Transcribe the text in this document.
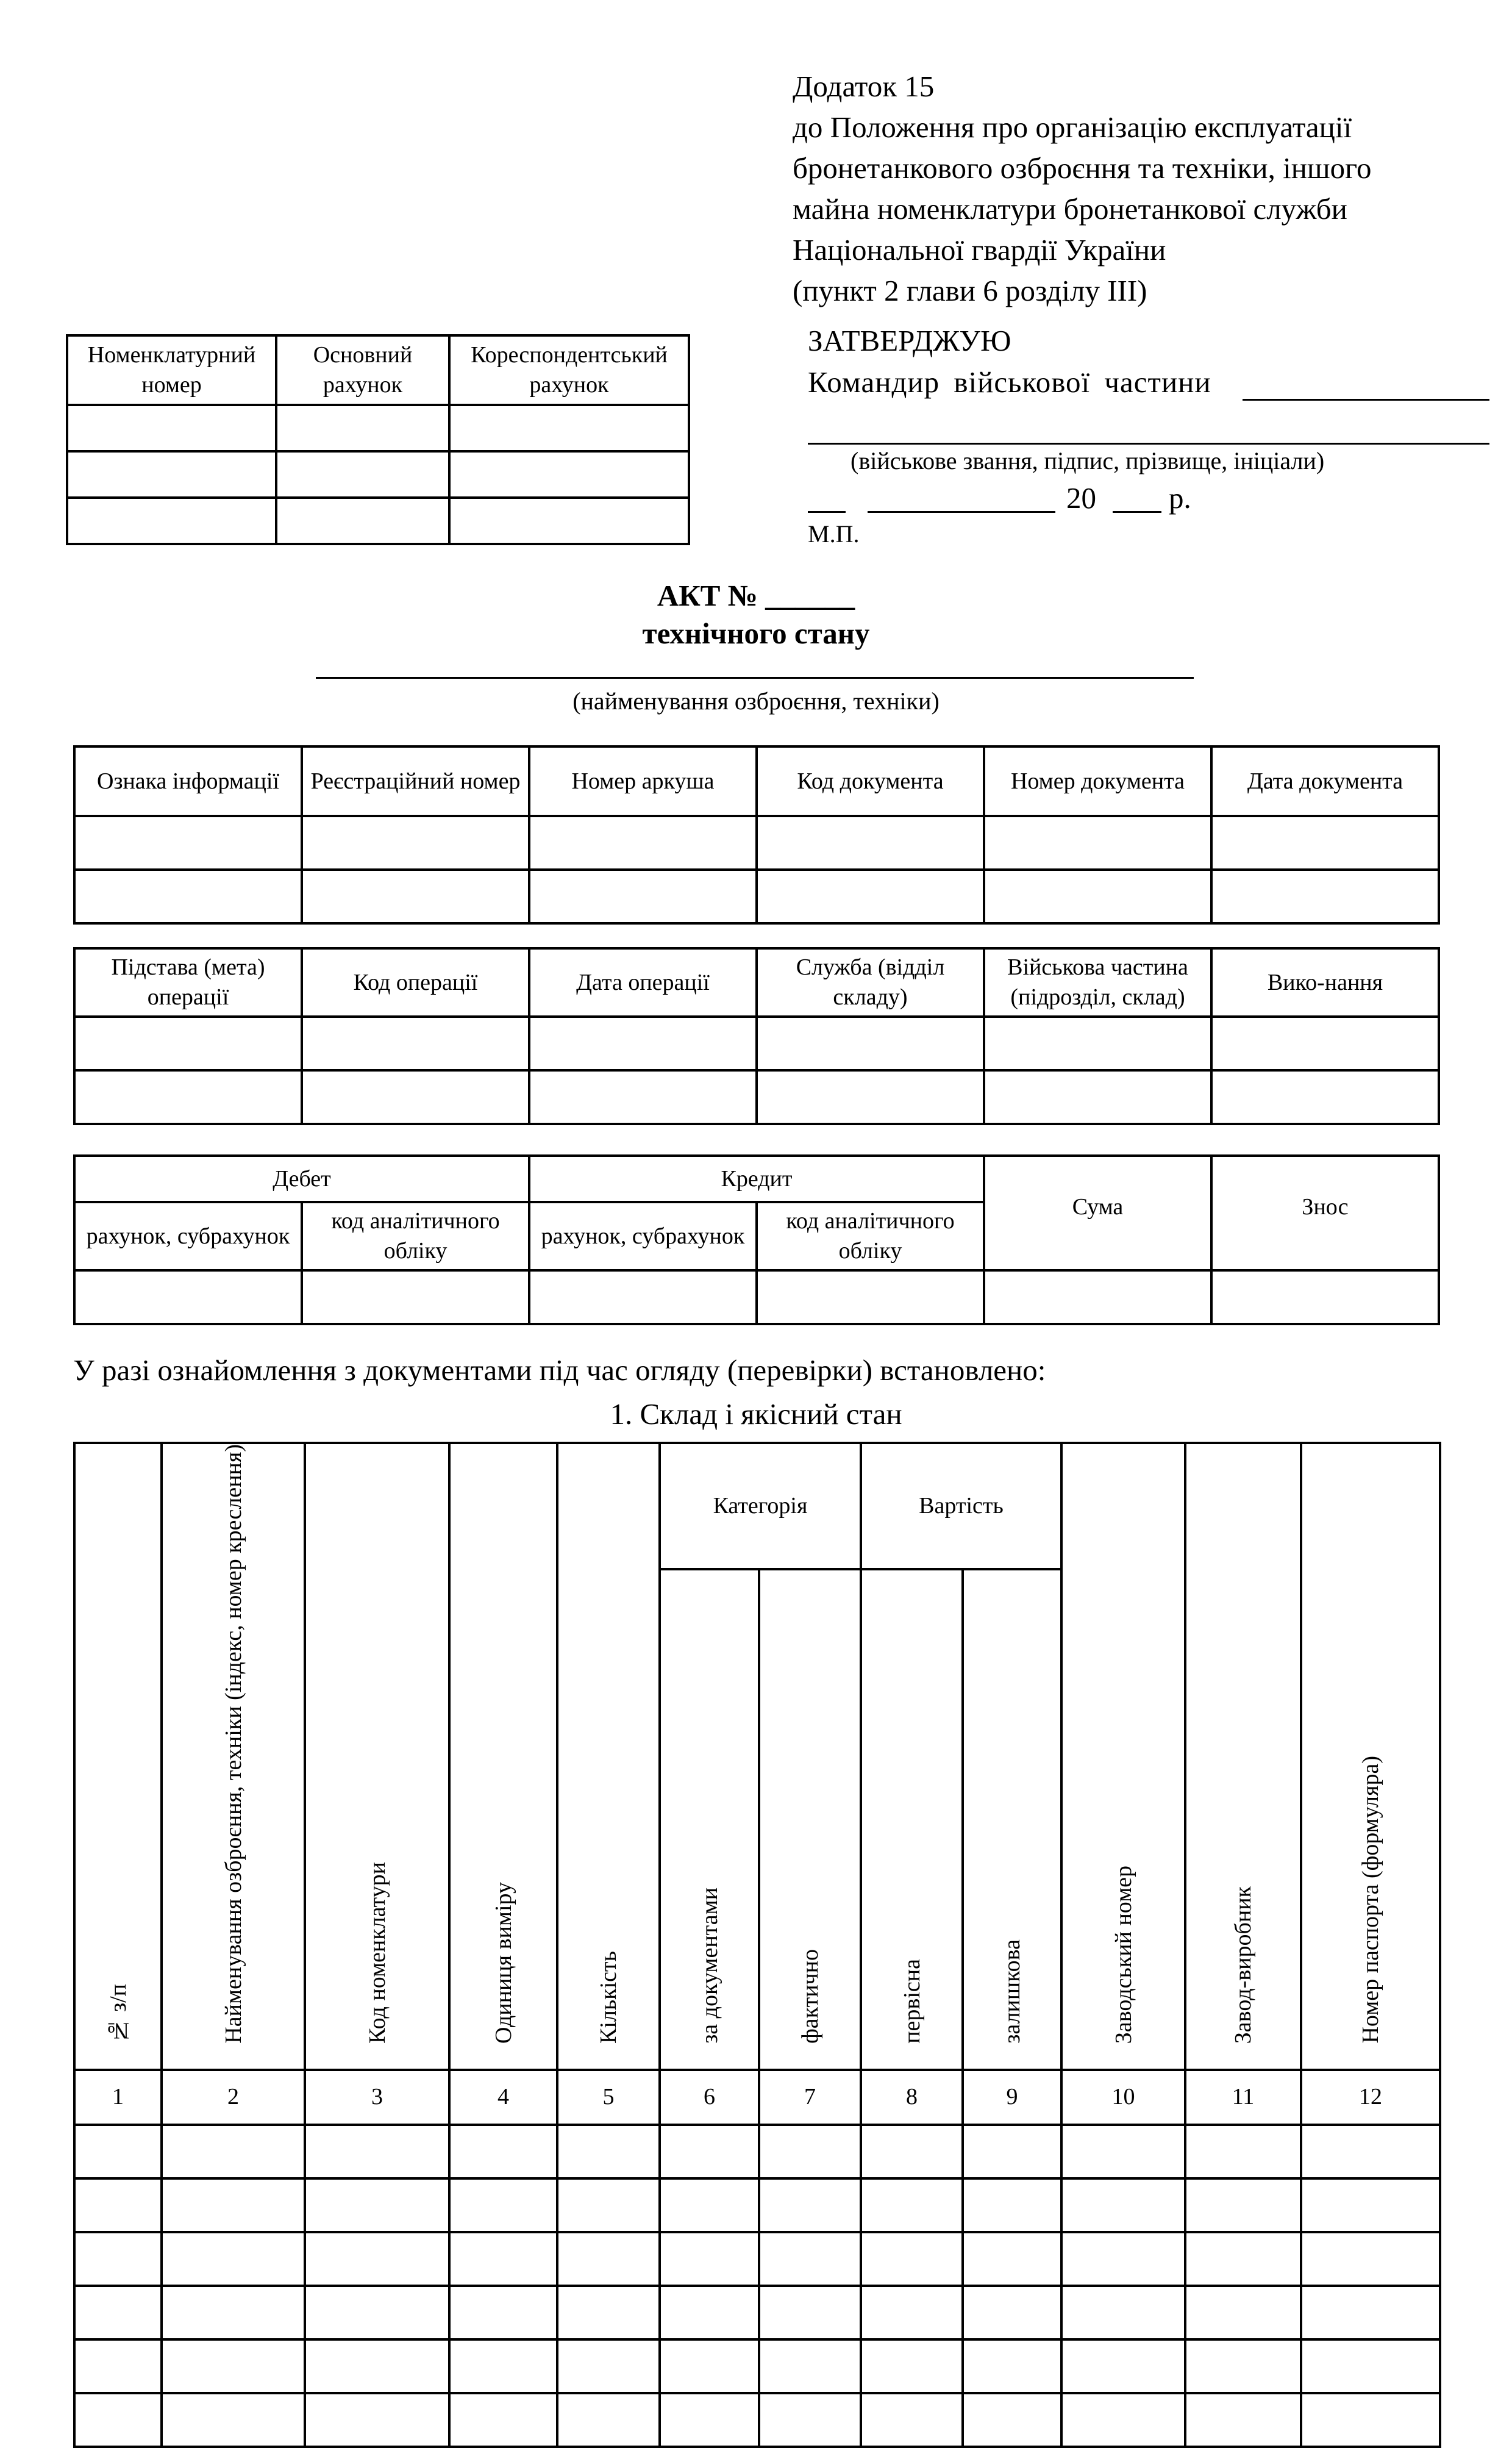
Додаток 15
до Положення про організацію експлуатації
бронетанкового озброєння та техніки, іншого
майна номенклатури бронетанкової служби
Національної гвардії України
(пункт 2 глави 6 розділу III)
Номенклатурний номер	Основний рахунок	Кореспондентський рахунок

ЗАТВЕРДЖУЮ
Командир військової частини
(військове звання, підпис, прізвище, ініціали)
20 р.
М.П.
АКТ № ______
технічного стану
(найменування озброєння, техніки)
Ознака інформації	Реєстраційний номер	Номер аркуша	Код документа	Номер документа	Дата документа

Підстава (мета) операції	Код операції	Дата операції	Служба (відділ складу)	Військова частина (підрозділ, склад)	Вико-нання

Дебет		Кредит		Сума	Знос
рахунок, субрахунок	код аналітичного обліку	рахунок, субрахунок	код аналітичного обліку		

У разі ознайомлення з документами під час огляду (перевірки) встановлено:
1. Склад і якісний стан
№ з/п	Найменування озброєння, техніки (індекс, номер креслення)	Код номенклатури	Одиниця виміру	Кількість	Категорія		Вартість		Заводський номер	Завод-виробник	Номер паспорта (формуляра)
					за документами	фактично	первісна	залишкова			
1	2	3	4	5	6	7	8	9	10	11	12
